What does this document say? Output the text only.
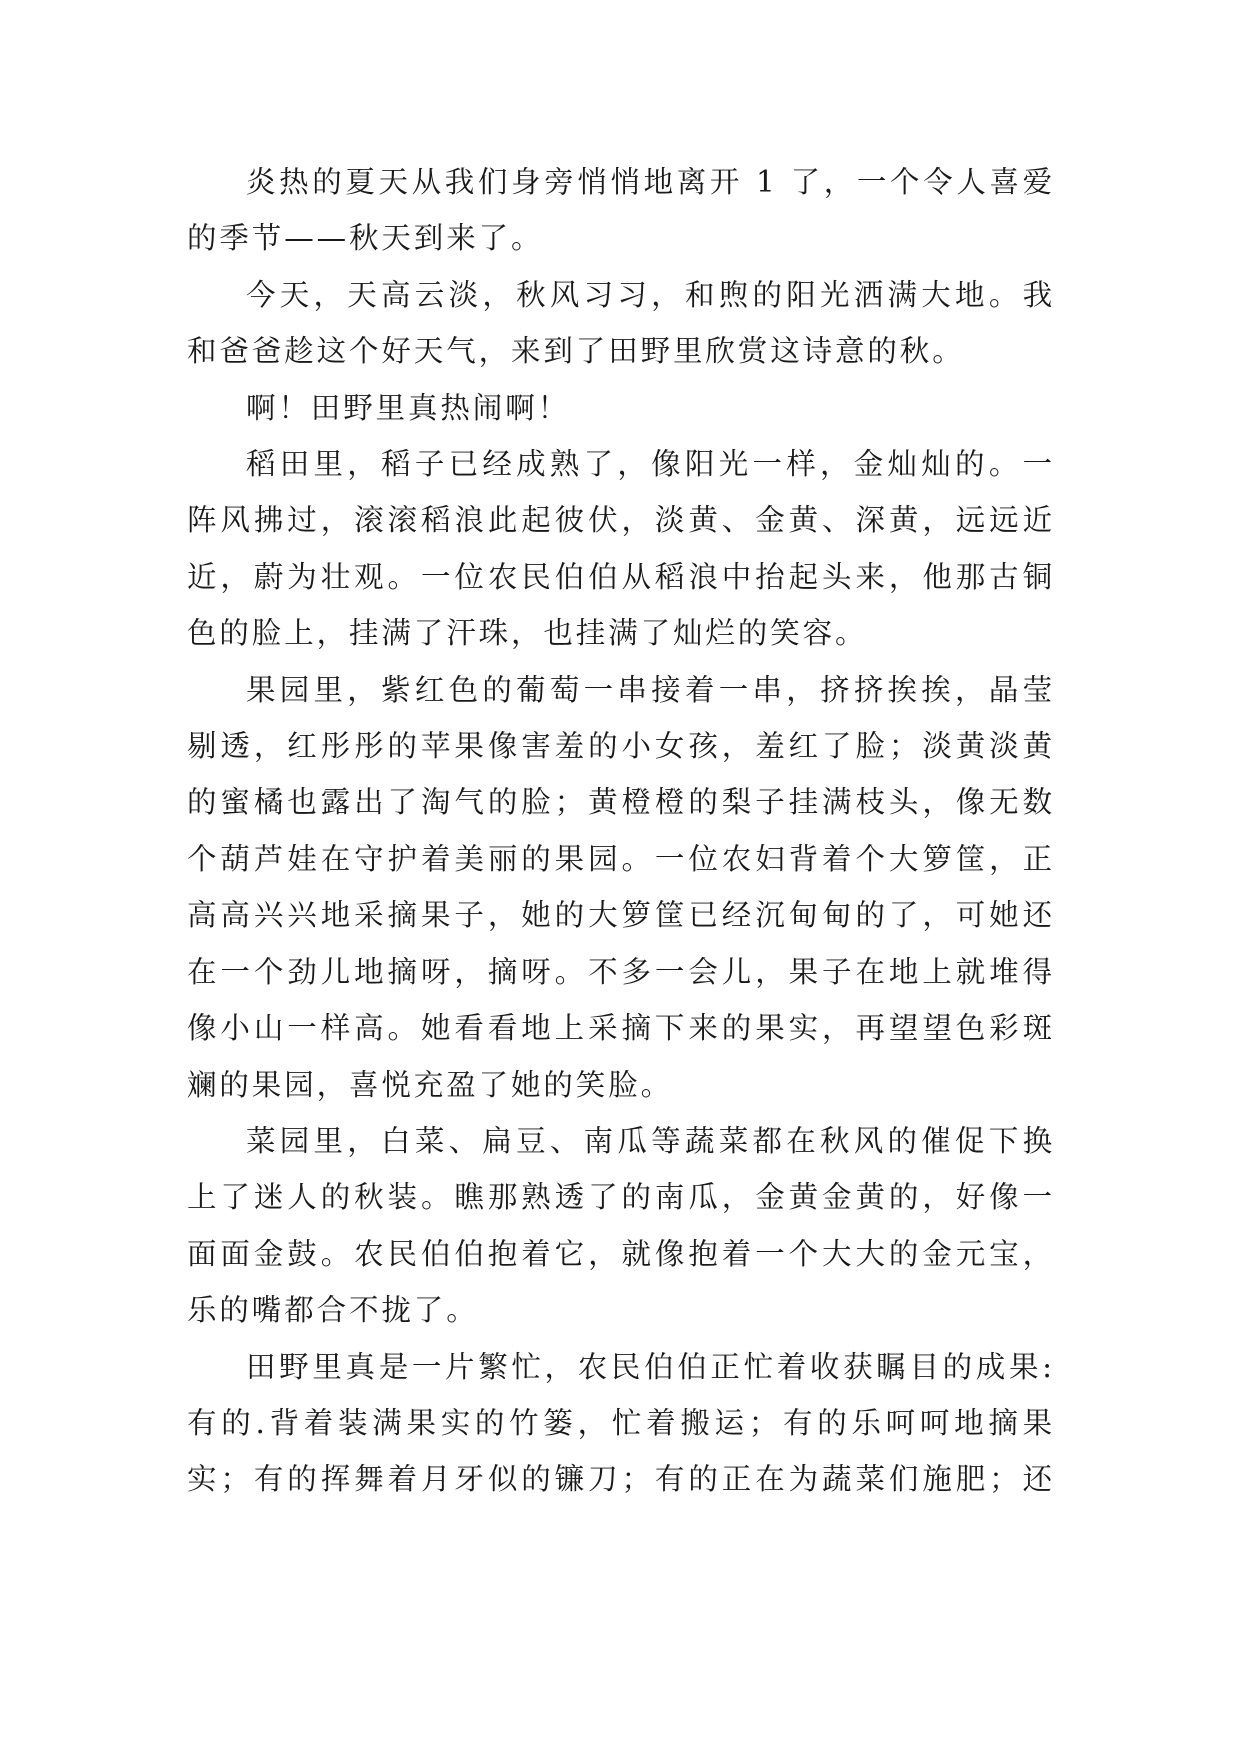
炎热的夏天从我们身旁悄悄地离开 1 了，一个令人喜爱的季节——秋天到来了。

今天，天高云淡，秋风习习，和煦的阳光洒满大地。我和爸爸趁这个好天气，来到了田野里欣赏这诗意的秋。

啊！田野里真热闹啊！

稻田里，稻子已经成熟了，像阳光一样，金灿灿的。一阵风拂过，滚滚稻浪此起彼伏，淡黄、金黄、深黄，远远近近，蔚为壮观。一位农民伯伯从稻浪中抬起头来，他那古铜色的脸上，挂满了汗珠，也挂满了灿烂的笑容。

果园里，紫红色的葡萄一串接着一串，挤挤挨挨，晶莹剔透，红彤彤的苹果像害羞的小女孩，羞红了脸；淡黄淡黄的蜜橘也露出了淘气的脸；黄橙橙的梨子挂满枝头，像无数个葫芦娃在守护着美丽的果园。一位农妇背着个大箩筐，正高高兴兴地采摘果子，她的大箩筐已经沉甸甸的了，可她还在一个劲儿地摘呀，摘呀。不多一会儿，果子在地上就堆得像小山一样高。她看看地上采摘下来的果实，再望望色彩斑斓的果园，喜悦充盈了她的笑脸。

菜园里，白菜、扁豆、南瓜等蔬菜都在秋风的催促下换上了迷人的秋装。瞧那熟透了的南瓜，金黄金黄的，好像一面面金鼓。农民伯伯抱着它，就像抱着一个大大的金元宝，乐的嘴都合不拢了。

田野里真是一片繁忙，农民伯伯正忙着收获瞩目的成果:有的.背着装满果实的竹篓，忙着搬运；有的乐呵呵地摘果实；有的挥舞着月牙似的镰刀；有的正在为蔬菜们施肥；还
